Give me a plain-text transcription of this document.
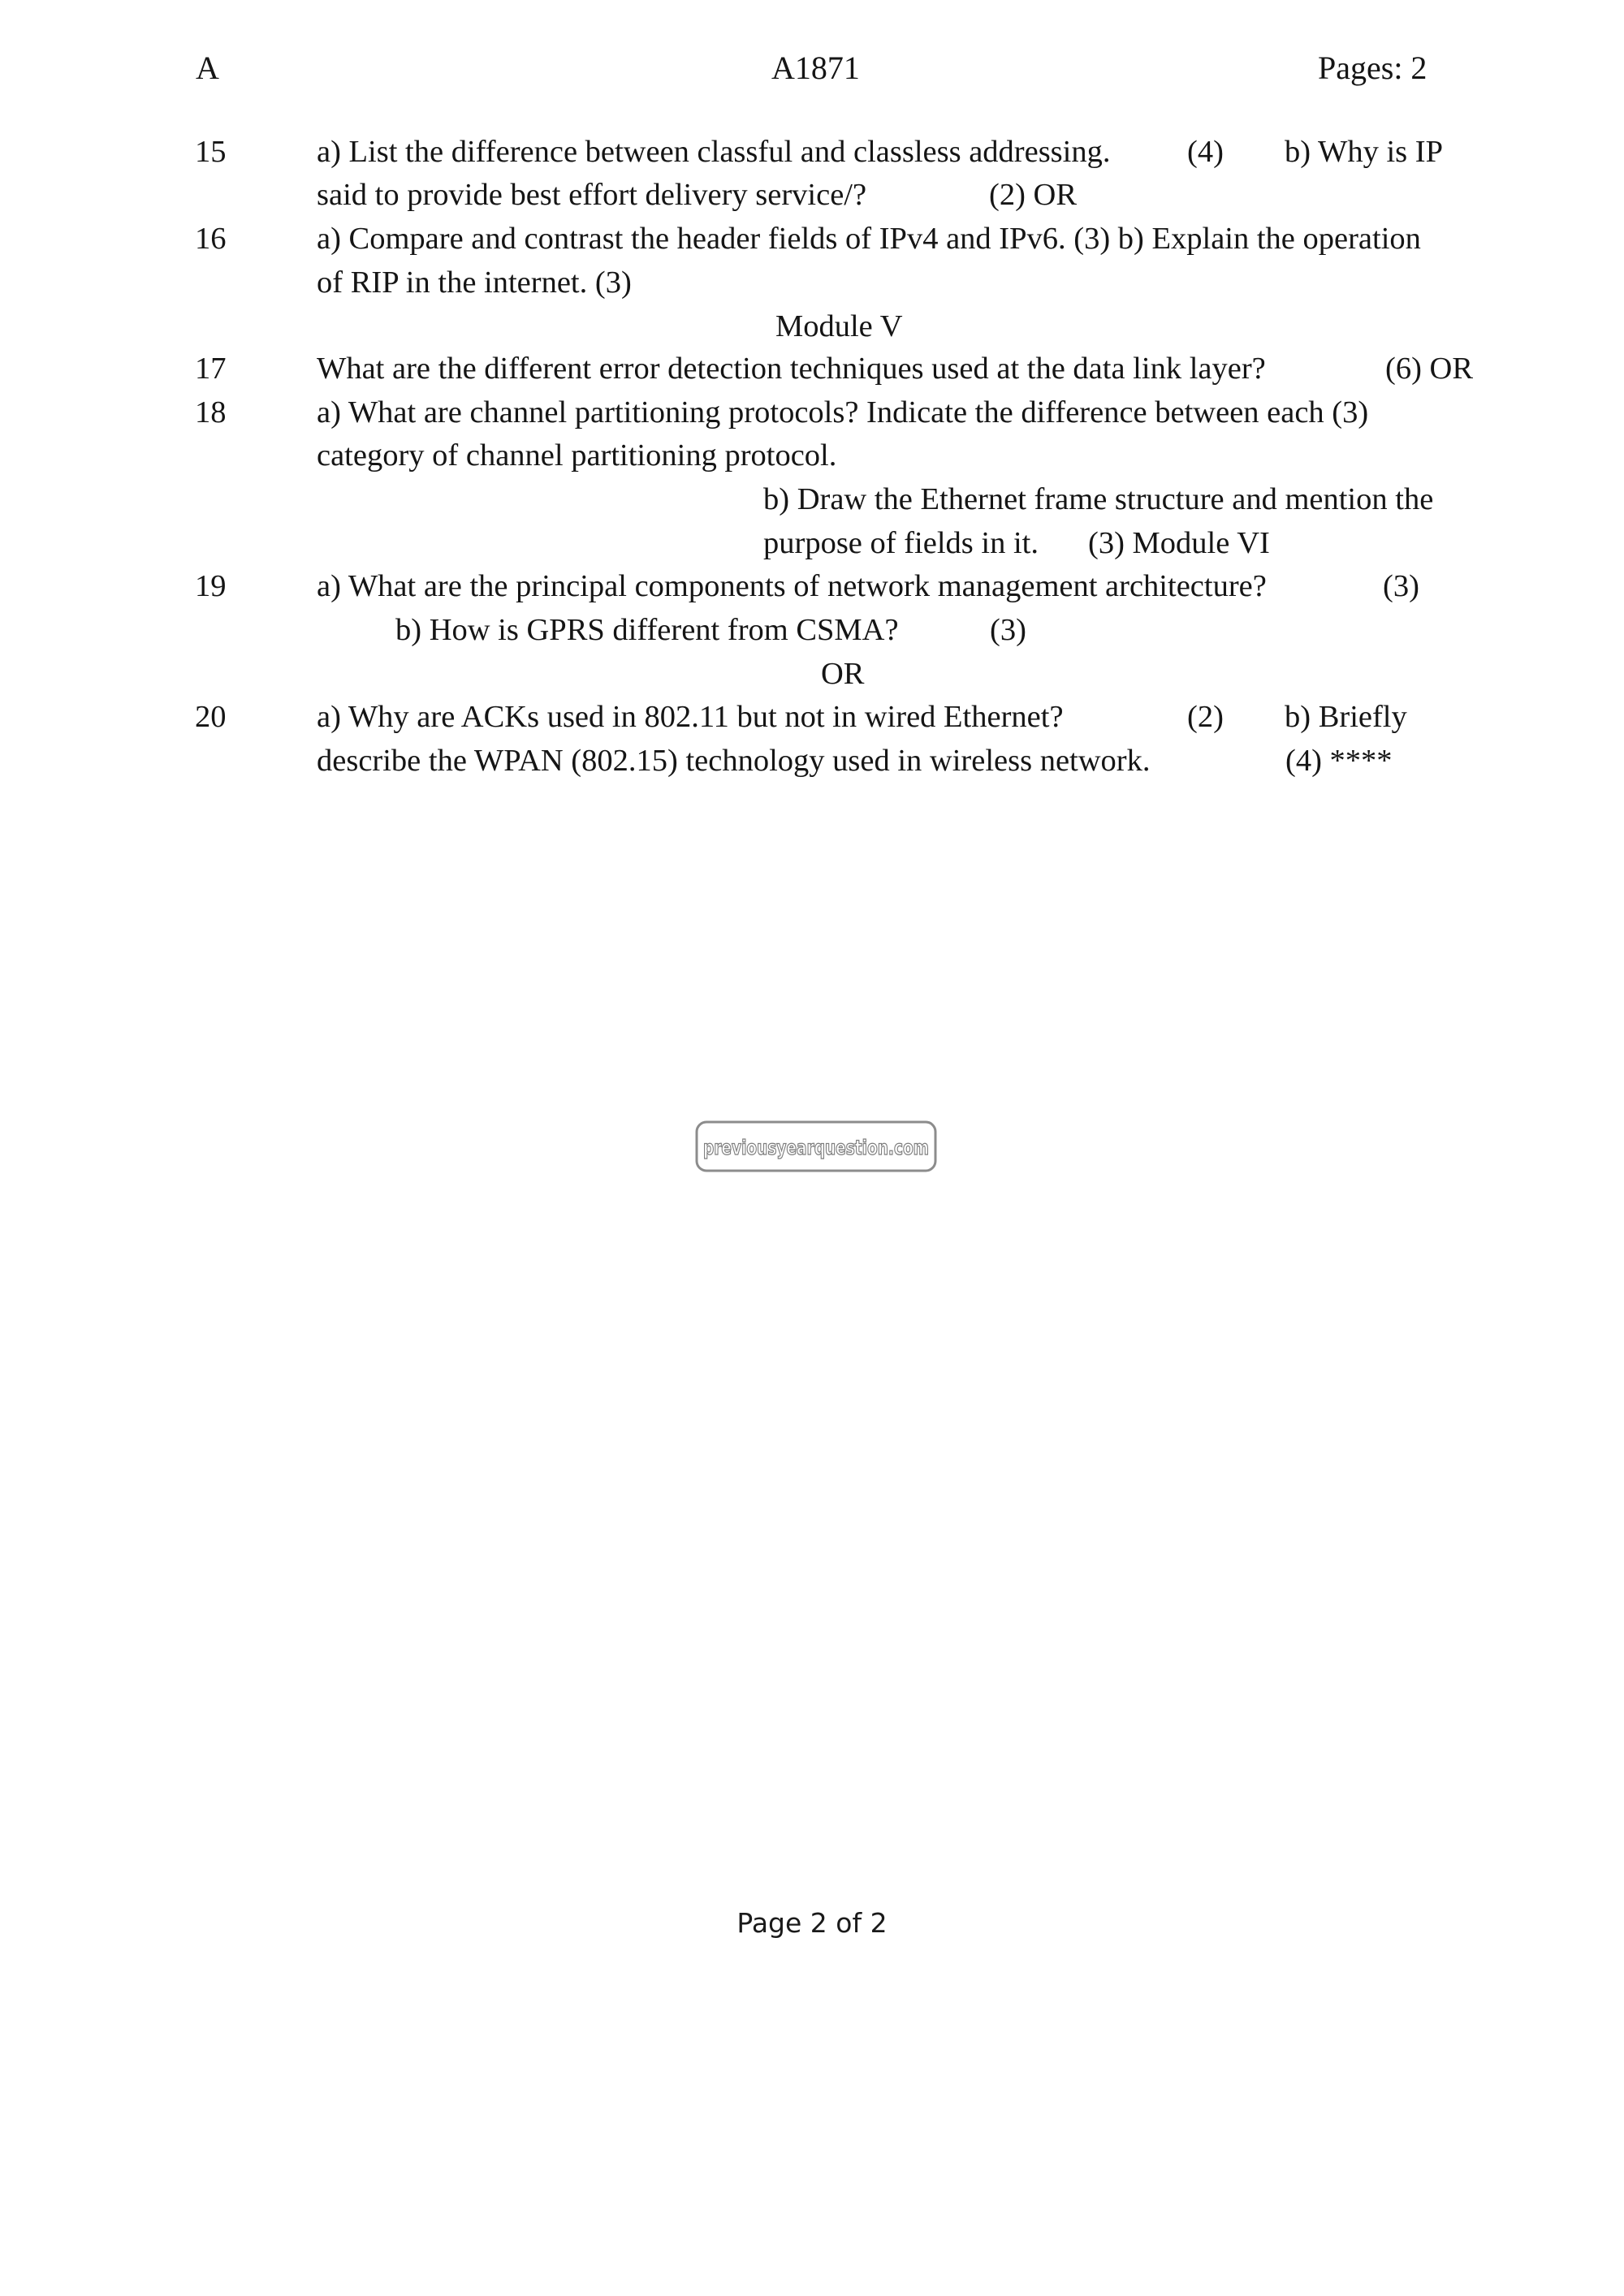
A	A1871	Pages: 2
15	a) List the difference between classful and classless addressing. (4) b) Why is IP
said to provide best effort delivery service/?	(2) OR
16	a) Compare and contrast the header fields of IPv4 and IPv6. (3) b) Explain the operation
of RIP in the internet. (3)
Module V
17	What are the different error detection techniques used at the data link layer?	(6) OR
18	a) What are channel partitioning protocols? Indicate the difference between each (3)
category of channel partitioning protocol.
b) Draw the Ethernet frame structure and mention the
purpose of fields in it. (3) Module VI
19	a) What are the principal components of network management architecture?	(3)
b) How is GPRS different from CSMA?	(3)
OR
20	a) Why are ACKs used in 802.11 but not in wired Ethernet?	(2) b) Briefly
describe the WPAN (802.15) technology used in wireless network.	(4) ****
previousyearquestion.com
Page 2 of 2
